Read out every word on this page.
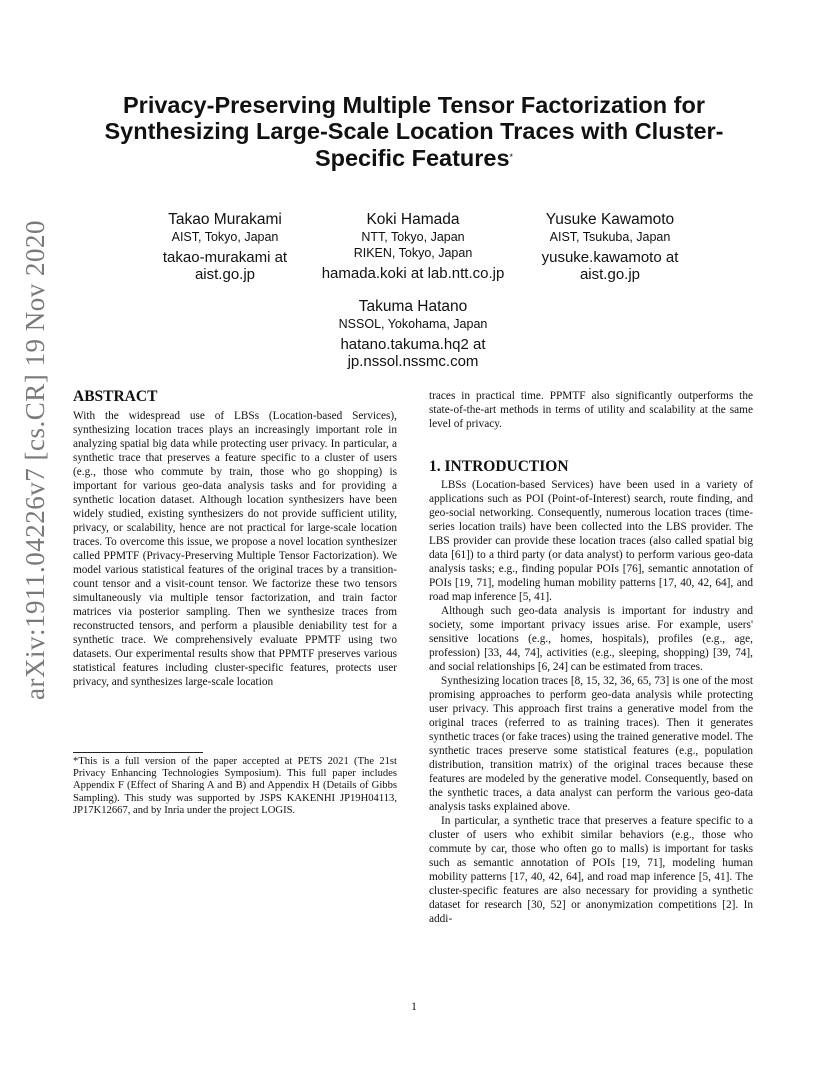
arXiv:1911.04226v7 [cs.CR] 19 Nov 2020
Privacy-Preserving Multiple Tensor Factorization for Synthesizing Large-Scale Location Traces with Cluster-Specific Features*
Takao Murakami
AIST, Tokyo, Japan
takao-murakami at aist.go.jp
Koki Hamada
NTT, Tokyo, Japan
RIKEN, Tokyo, Japan
hamada.koki at lab.ntt.co.jp
Yusuke Kawamoto
AIST, Tsukuba, Japan
yusuke.kawamoto at aist.go.jp
Takuma Hatano
NSSOL, Yokohama, Japan
hatano.takuma.hq2 at jp.nssol.nssmc.com
ABSTRACT

With the widespread use of LBSs (Location-based Services), synthesizing location traces plays an increasingly important role in analyzing spatial big data while protecting user privacy. In particular, a synthetic trace that preserves a feature specific to a cluster of users (e.g., those who commute by train, those who go shopping) is important for various geo-data analysis tasks and for providing a synthetic location dataset. Although location synthesizers have been widely studied, existing synthesizers do not provide sufficient utility, privacy, or scalability, hence are not practical for large-scale location traces. To overcome this issue, we propose a novel location synthesizer called PPMTF (Privacy-Preserving Multiple Tensor Factorization). We model various statistical features of the original traces by a transition-count tensor and a visit-count tensor. We factorize these two tensors simultaneously via multiple tensor factorization, and train factor matrices via posterior sampling. Then we synthesize traces from reconstructed tensors, and perform a plausible deniability test for a synthetic trace. We comprehensively evaluate PPMTF using two datasets. Our experimental results show that PPMTF preserves various statistical features including cluster-specific features, protects user privacy, and synthesizes large-scale location

*This is a full version of the paper accepted at PETS 2021 (The 21st Privacy Enhancing Technologies Symposium). This full paper includes Appendix F (Effect of Sharing A and B) and Appendix H (Details of Gibbs Sampling). This study was supported by JSPS KAKENHI JP19H04113, JP17K12667, and by Inria under the project LOGIS.

traces in practical time. PPMTF also significantly outperforms the state-of-the-art methods in terms of utility and scalability at the same level of privacy.

1. INTRODUCTION

LBSs (Location-based Services) have been used in a variety of applications such as POI (Point-of-Interest) search, route finding, and geo-social networking. Consequently, numerous location traces (time-series location trails) have been collected into the LBS provider. The LBS provider can provide these location traces (also called spatial big data [61]) to a third party (or data analyst) to perform various geo-data analysis tasks; e.g., finding popular POIs [76], semantic annotation of POIs [19, 71], modeling human mobility patterns [17, 40, 42, 64], and road map inference [5, 41].

Although such geo-data analysis is important for industry and society, some important privacy issues arise. For example, users' sensitive locations (e.g., homes, hospitals), profiles (e.g., age, profession) [33, 44, 74], activities (e.g., sleeping, shopping) [39, 74], and social relationships [6, 24] can be estimated from traces.

Synthesizing location traces [8, 15, 32, 36, 65, 73] is one of the most promising approaches to perform geo-data analysis while protecting user privacy. This approach first trains a generative model from the original traces (referred to as training traces). Then it generates synthetic traces (or fake traces) using the trained generative model. The synthetic traces preserve some statistical features (e.g., population distribution, transition matrix) of the original traces because these features are modeled by the generative model. Consequently, based on the synthetic traces, a data analyst can perform the various geo-data analysis tasks explained above.

In particular, a synthetic trace that preserves a feature specific to a cluster of users who exhibit similar behaviors (e.g., those who commute by car, those who often go to malls) is important for tasks such as semantic annotation of POIs [19, 71], modeling human mobility patterns [17, 40, 42, 64], and road map inference [5, 41]. The cluster-specific features are also necessary for providing a synthetic dataset for research [30, 52] or anonymization competitions [2]. In addi-

1
